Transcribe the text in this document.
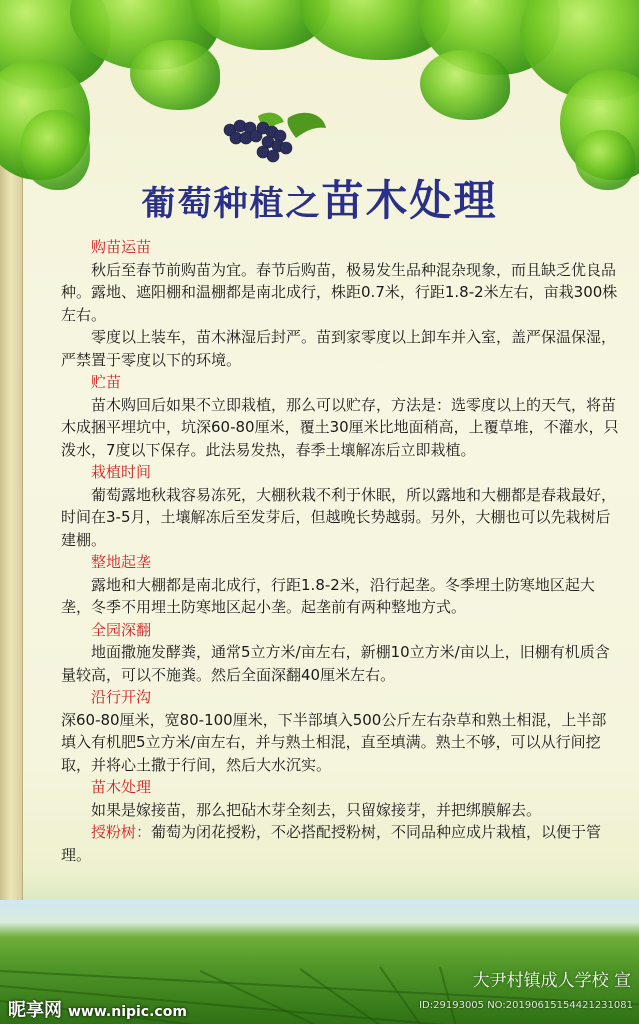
葡萄种植之苗木处理

购苗运苗

秋后至春节前购苗为宜。春节后购苗，极易发生品种混杂现象，而且缺乏优良品种。露地、遮阳棚和温棚都是南北成行，株距0.7米，行距1.8-2米左右，亩栽300株左右。

零度以上装车，苗木淋湿后封严。苗到家零度以上卸车并入室，盖严保温保湿，严禁置于零度以下的环境。

贮苗

苗木购回后如果不立即栽植，那么可以贮存，方法是：选零度以上的天气，将苗木成捆平埋坑中，坑深60-80厘米，覆土30厘米比地面稍高，上覆草堆，不灌水，只泼水，7度以下保存。此法易发热，春季土壤解冻后立即栽植。

栽植时间

葡萄露地秋栽容易冻死，大棚秋栽不利于休眠，所以露地和大棚都是春栽最好，时间在3-5月，土壤解冻后至发芽后，但越晚长势越弱。另外，大棚也可以先栽树后建棚。

整地起垄

露地和大棚都是南北成行，行距1.8-2米，沿行起垄。冬季埋土防寒地区起大垄，冬季不用埋土防寒地区起小垄。起垄前有两种整地方式。

全园深翻

地面撒施发酵粪，通常5立方米/亩左右，新棚10立方米/亩以上，旧棚有机质含量较高，可以不施粪。然后全面深翻40厘米左右。

沿行开沟

深60-80厘米，宽80-100厘米，下半部填入500公斤左右杂草和熟土相混，上半部填入有机肥5立方米/亩左右，并与熟土相混，直至填满。熟土不够，可以从行间挖取，并将心土撒于行间，然后大水沉实。

苗木处理

如果是嫁接苗，那么把砧木芽全刻去，只留嫁接芽，并把绑膜解去。

授粉树：葡萄为闭花授粉，不必搭配授粉树，不同品种应成片栽植，以便于管理。

大尹村镇成人学校 宣
昵享网 www.nipic.com	ID:29193005 NO:20190615154421231081
